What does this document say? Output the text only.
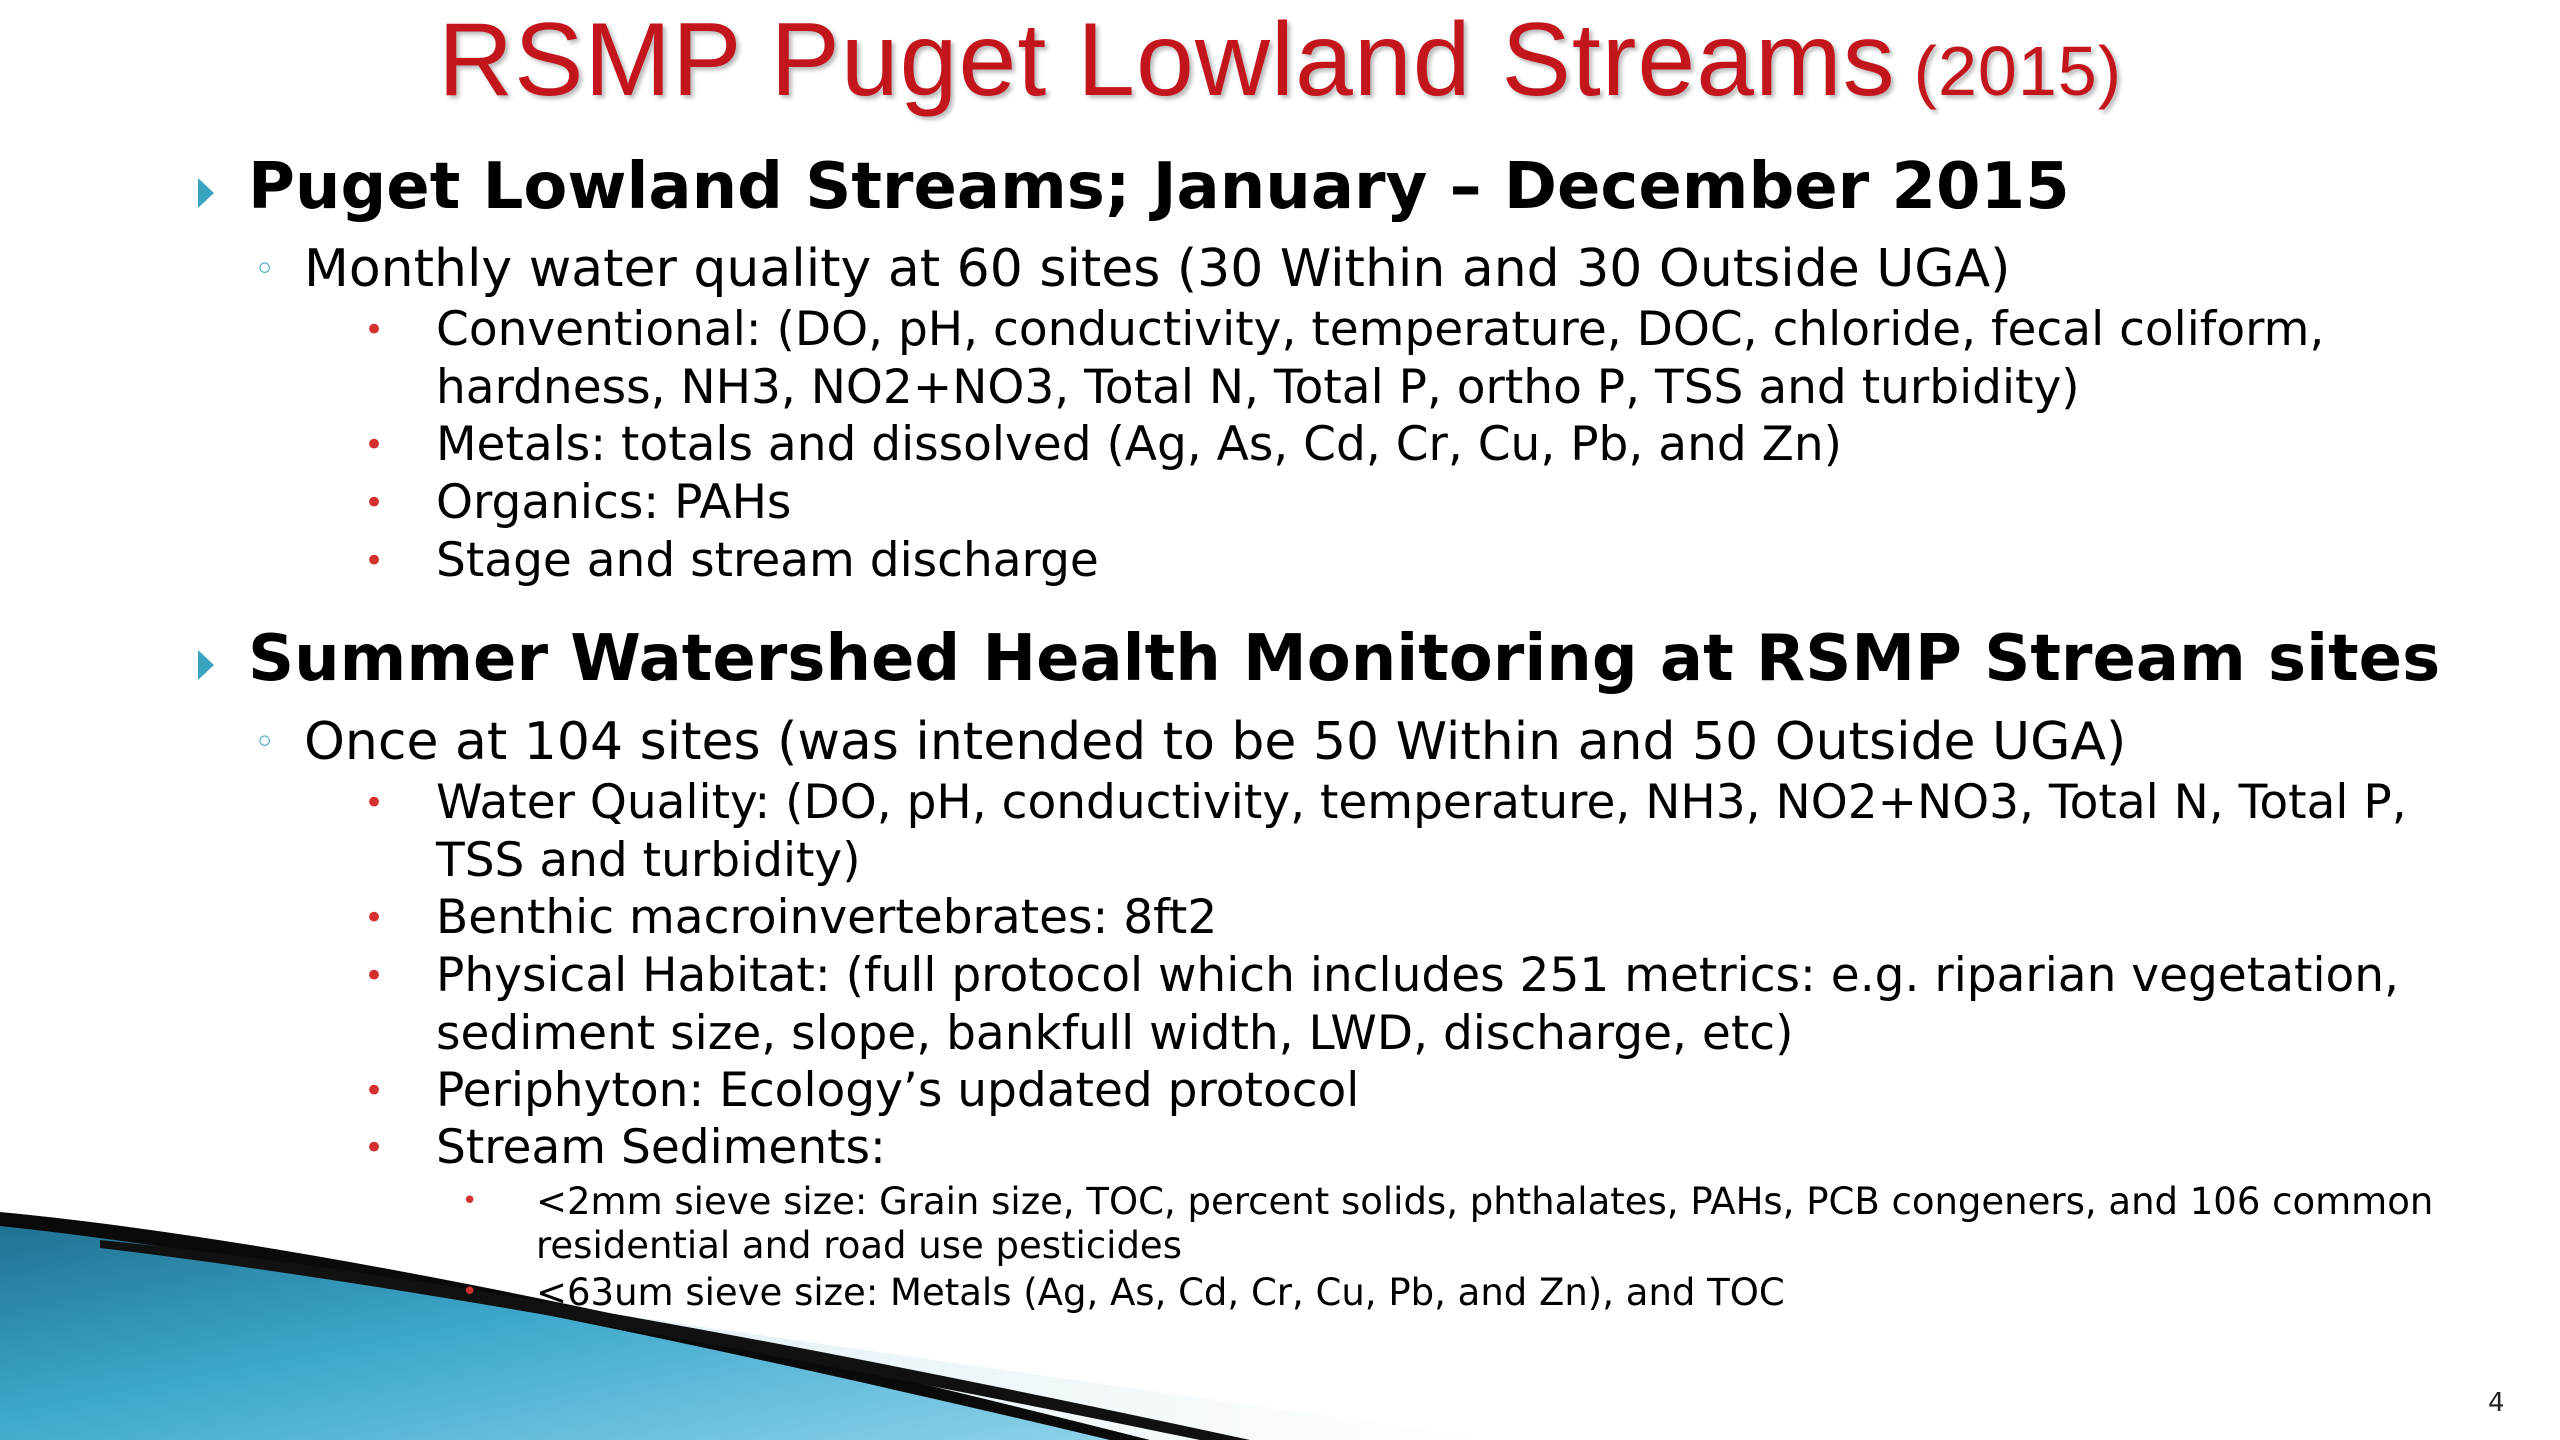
RSMP Puget Lowland Streams (2015)
Puget Lowland Streams; January – December 2015
◦ Monthly water quality at 60 sites (30 Within and 30 Outside UGA)
• Conventional: (DO, pH, conductivity, temperature, DOC, chloride, fecal coliform,
hardness, NH3, NO2+NO3, Total N, Total P, ortho P, TSS and turbidity)
• Metals: totals and dissolved (Ag, As, Cd, Cr, Cu, Pb, and Zn)
• Organics: PAHs
• Stage and stream discharge
Summer Watershed Health Monitoring at RSMP Stream sites
◦ Once at 104 sites (was intended to be 50 Within and 50 Outside UGA)
• Water Quality: (DO, pH, conductivity, temperature, NH3, NO2+NO3, Total N, Total P,
TSS and turbidity)
• Benthic macroinvertebrates: 8ft2
• Physical Habitat: (full protocol which includes 251 metrics: e.g. riparian vegetation,
sediment size, slope, bankfull width, LWD, discharge, etc)
• Periphyton: Ecology’s updated protocol
• Stream Sediments:
• <2mm sieve size: Grain size, TOC, percent solids, phthalates, PAHs, PCB congeners, and 106 common
residential and road use pesticides
• <63um sieve size: Metals (Ag, As, Cd, Cr, Cu, Pb, and Zn), and TOC
4
